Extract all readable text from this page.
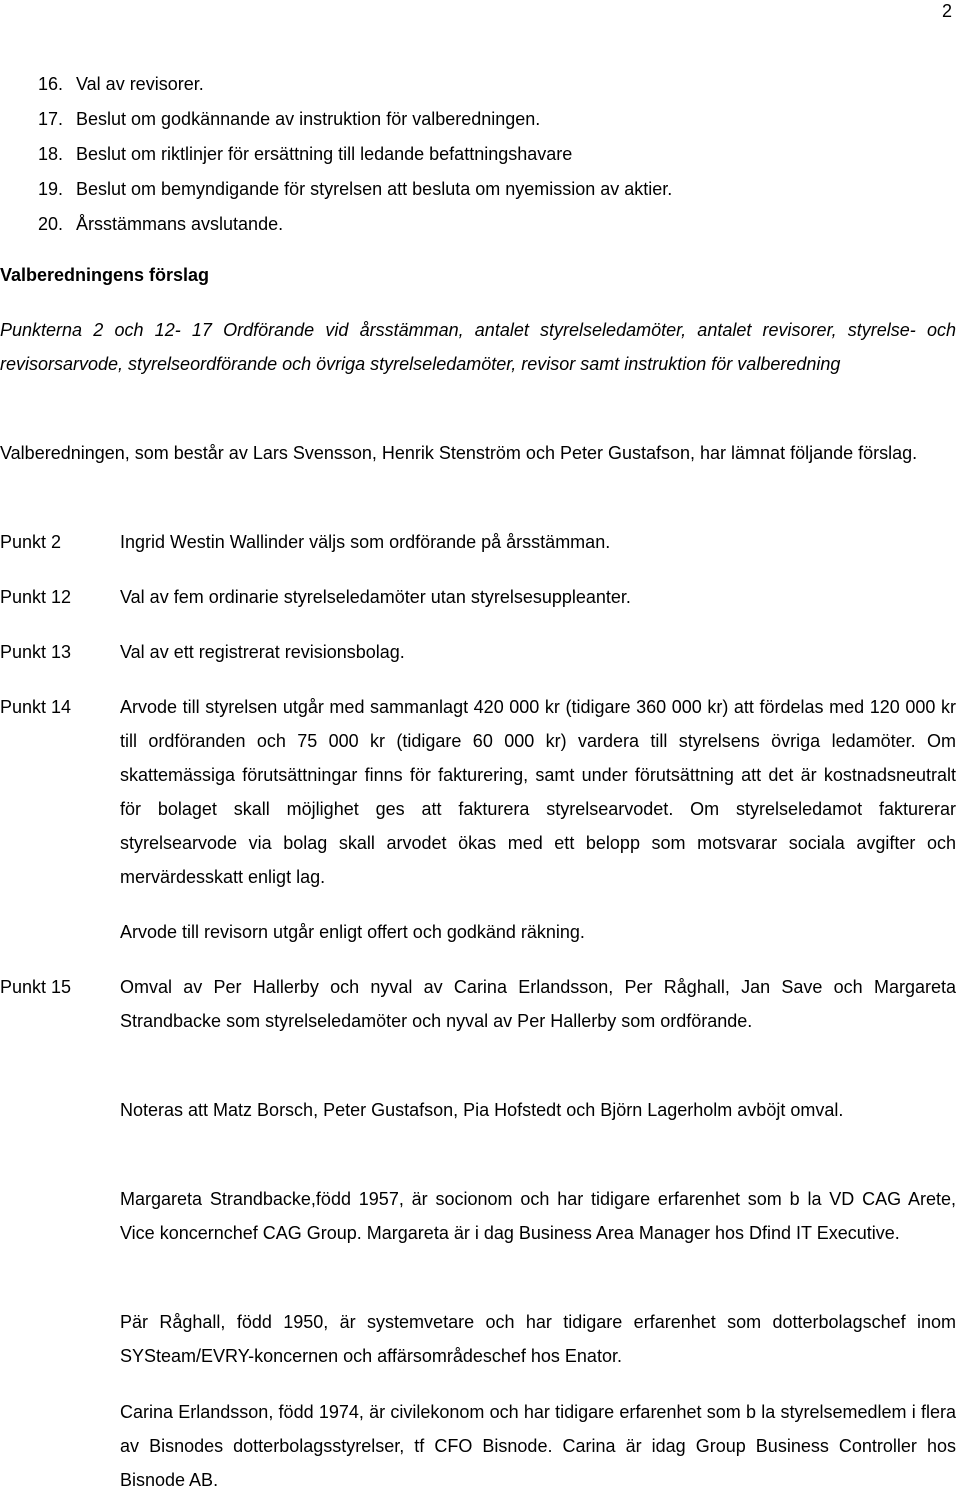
2
16. Val av revisorer.
17. Beslut om godkännande av instruktion för valberedningen.
18. Beslut om riktlinjer för ersättning till ledande befattningshavare
19. Beslut om bemyndigande för styrelsen att besluta om nyemission av aktier.
20. Årsstämmans avslutande.
Valberedningens förslag

Punkterna 2 och 12- 17 Ordförande vid årsstämman, antalet styrelseledamöter, antalet revisorer, styrelse- och revisorsarvode, styrelseordförande och övriga styrelseledamöter, revisor samt instruktion för valberedning

Valberedningen, som består av Lars Svensson, Henrik Stenström och Peter Gustafson, har lämnat följande förslag.

Punkt 2	Ingrid Westin Wallinder väljs som ordförande på årsstämman.

Punkt 12	Val av fem ordinarie styrelseledamöter utan styrelsesuppleanter.

Punkt 13	Val av ett registrerat revisionsbolag.

Punkt 14	Arvode till styrelsen utgår med sammanlagt 420 000 kr (tidigare 360 000 kr) att fördelas med 120 000 kr till ordföranden och 75 000 kr (tidigare 60 000 kr) vardera till styrelsens övriga ledamöter. Om skattemässiga förutsättningar finns för fakturering, samt under förutsättning att det är kostnadsneutralt för bolaget skall möjlighet ges att fakturera styrelsearvodet. Om styrelseledamot fakturerar styrelsearvode via bolag skall arvodet ökas med ett belopp som motsvarar sociala avgifter och mervärdesskatt enligt lag.

Arvode till revisorn utgår enligt offert och godkänd räkning.

Punkt 15	Omval av Per Hallerby och nyval av Carina Erlandsson, Per Råghall, Jan Save och Margareta Strandbacke som styrelseledamöter och nyval av Per Hallerby som ordförande.

Noteras att Matz Borsch, Peter Gustafson, Pia Hofstedt och Björn Lagerholm avböjt omval.

Margareta Strandbacke,född 1957, är socionom och har tidigare erfarenhet som b la VD CAG Arete, Vice koncernchef CAG Group. Margareta är i dag Business Area Manager hos Dfind IT Executive.

Pär Råghall, född 1950, är systemvetare och har tidigare erfarenhet som dotterbolagschef inom SYSteam/EVRY-koncernen och affärsområdeschef hos Enator.

Carina Erlandsson, född 1974, är civilekonom och har tidigare erfarenhet som b la styrelsemedlem i flera av Bisnodes dotterbolagsstyrelser, tf CFO Bisnode. Carina är idag Group Business Controller hos Bisnode AB.
